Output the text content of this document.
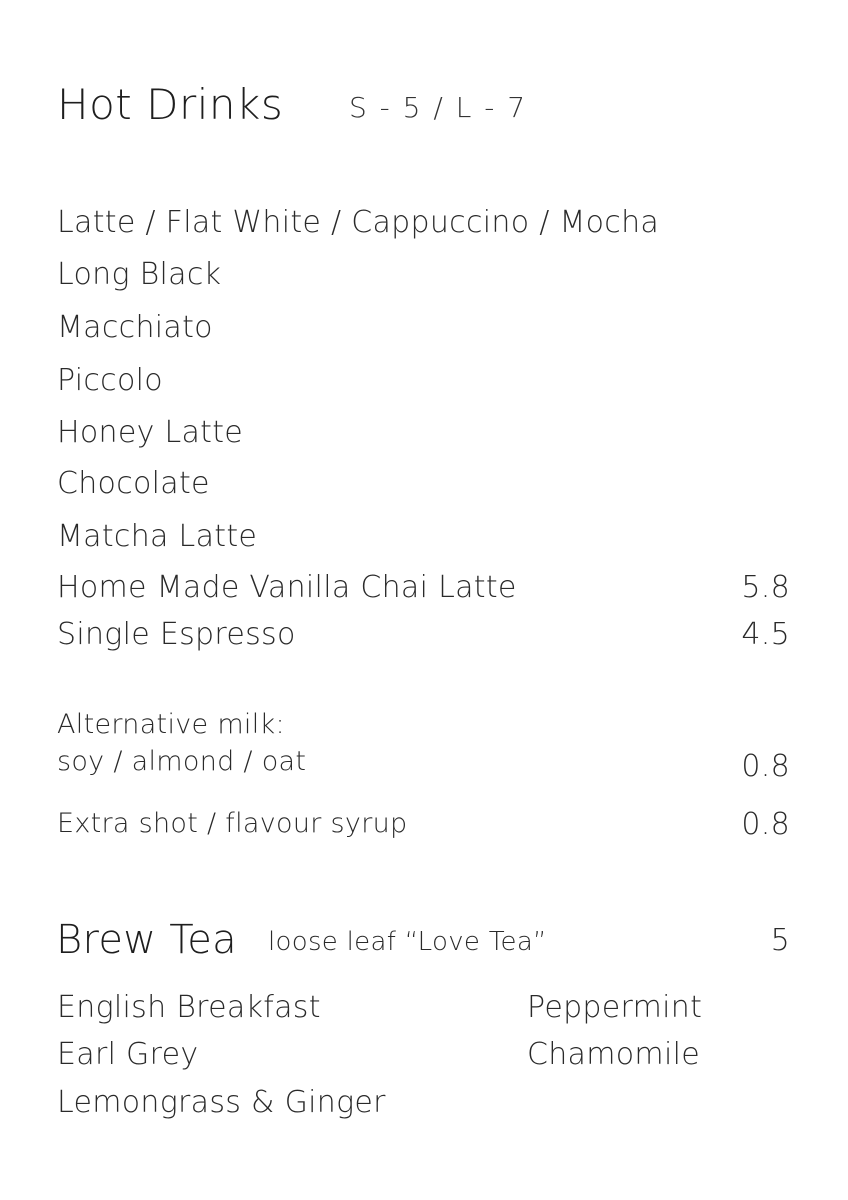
Hot Drinks S - 5 / L - 7
Latte / Flat White / Cappuccino / Mocha
Long Black
Macchiato
Piccolo
Honey Latte
Chocolate
Matcha Latte
Home Made Vanilla Chai Latte	5.8
Single Espresso	4.5
Alternative milk:
soy / almond / oat	0.8
Extra shot / flavour syrup	0.8
Brew Tea loose leaf “Love Tea”	5
English Breakfast
Earl Grey
Lemongrass & Ginger
Peppermint
Chamomile
